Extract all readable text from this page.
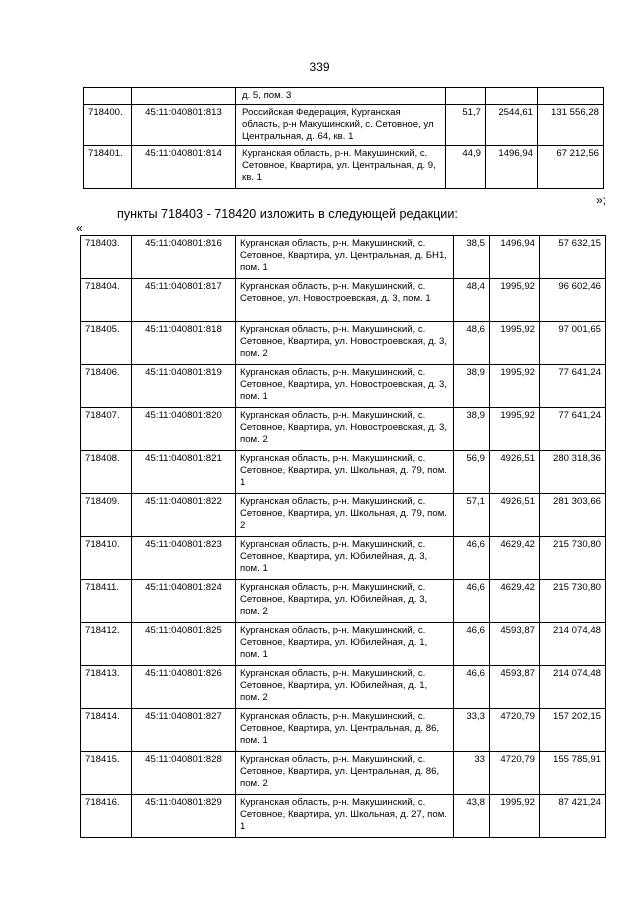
339
		д. 5, пом. 3			
718400.	45:11:040801:813	Российская Федерация, Курганская область, р-н Макушинский, с. Сетовное, ул Центральная, д. 64, кв. 1	51,7	2544,61	131 556,28
718401.	45:11:040801:814	Курганская область, р-н. Макушинский, с. Сетовное, Квартира, ул. Центральная, д. 9, кв. 1	44,9	1496,94	67 212,56
»;
пункты 718403 - 718420 изложить в следующей редакции:
«
718403.	45:11:040801:816	Курганская область, р-н. Макушинский, с. Сетовное, Квартира, ул. Центральная, д. БН1, пом. 1	38,5	1496,94	57 632,15
718404.	45:11:040801:817	Курганская область, р-н. Макушинский, с. Сетовное, ул. Новостроевская, д. 3, пом. 1	48,4	1995,92	96 602,46
718405.	45:11:040801:818	Курганская область, р-н. Макушинский, с. Сетовное, Квартира, ул. Новостроевская, д. 3, пом. 2	48,6	1995,92	97 001,65
718406.	45:11:040801:819	Курганская область, р-н. Макушинский, с. Сетовное, Квартира, ул. Новостроевская, д. 3, пом. 1	38,9	1995,92	77 641,24
718407.	45:11:040801:820	Курганская область, р-н. Макушинский, с. Сетовное, Квартира, ул. Новостроевская, д. 3, пом. 2	38,9	1995,92	77 641,24
718408.	45:11:040801:821	Курганская область, р-н. Макушинский, с. Сетовное, Квартира, ул. Школьная, д. 79, пом. 1	56,9	4926,51	280 318,36
718409.	45:11:040801:822	Курганская область, р-н. Макушинский, с. Сетовное, Квартира, ул. Школьная, д. 79, пом. 2	57,1	4926,51	281 303,66
718410.	45:11:040801:823	Курганская область, р-н. Макушинский, с. Сетовное, Квартира, ул. Юбилейная, д. 3, пом. 1	46,6	4629,42	215 730,80
718411.	45:11:040801:824	Курганская область, р-н. Макушинский, с. Сетовное, Квартира, ул. Юбилейная, д. 3, пом. 2	46,6	4629,42	215 730,80
718412.	45:11:040801:825	Курганская область, р-н. Макушинский, с. Сетовное, Квартира, ул. Юбилейная, д. 1, пом. 1	46,6	4593,87	214 074,48
718413.	45:11:040801:826	Курганская область, р-н. Макушинский, с. Сетовное, Квартира, ул. Юбилейная, д. 1, пом. 2	46,6	4593,87	214 074,48
718414.	45:11:040801:827	Курганская область, р-н. Макушинский, с. Сетовное, Квартира, ул. Центральная, д. 86, пом. 1	33,3	4720,79	157 202,15
718415.	45:11:040801:828	Курганская область, р-н. Макушинский, с. Сетовное, Квартира, ул. Центральная, д. 86, пом. 2	33	4720,79	155 785,91
718416.	45:11:040801:829	Курганская область, р-н. Макушинский, с. Сетовное, Квартира, ул. Школьная, д. 27, пом. 1	43,8	1995,92	87 421,24
